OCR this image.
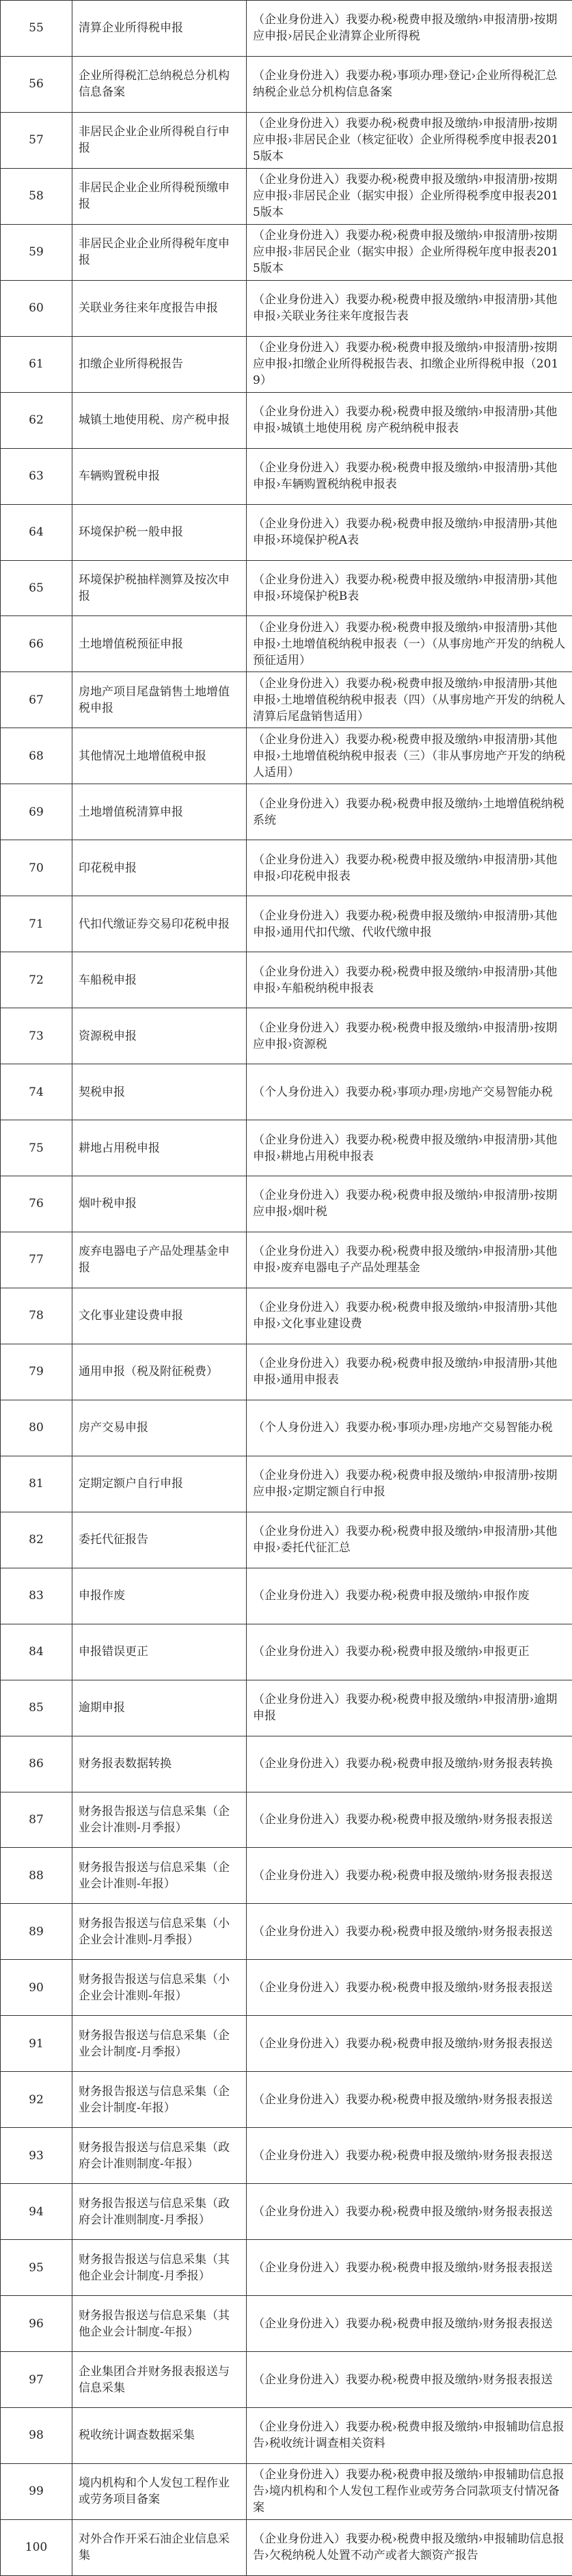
55	清算企业所得税申报	（企业身份进入）我要办税›税费申报及缴纳›申报清册›按期应申报›居民企业清算企业所得税
56	企业所得税汇总纳税总分机构信息备案	（企业身份进入）我要办税›事项办理›登记›企业所得税汇总纳税企业总分机构信息备案
57	非居民企业企业所得税自行申报	（企业身份进入）我要办税›税费申报及缴纳›申报清册›按期应申报›非居民企业（核定征收）企业所得税季度申报表2015版本
58	非居民企业企业所得税预缴申报	（企业身份进入）我要办税›税费申报及缴纳›申报清册›按期应申报›非居民企业（据实申报）企业所得税季度申报表2015版本
59	非居民企业企业所得税年度申报	（企业身份进入）我要办税›税费申报及缴纳›申报清册›按期应申报›非居民企业（据实申报）企业所得税年度申报表2015版本
60	关联业务往来年度报告申报	（企业身份进入）我要办税›税费申报及缴纳›申报清册›其他申报›关联业务往来年度报告表
61	扣缴企业所得税报告	（企业身份进入）我要办税›税费申报及缴纳›申报清册›按期应申报›扣缴企业所得税报告表、扣缴企业所得税申报（2019）
62	城镇土地使用税、房产税申报	（企业身份进入）我要办税›税费申报及缴纳›申报清册›其他申报›城镇土地使用税 房产税纳税申报表
63	车辆购置税申报	（企业身份进入）我要办税›税费申报及缴纳›申报清册›其他申报›车辆购置税纳税申报表
64	环境保护税一般申报	（企业身份进入）我要办税›税费申报及缴纳›申报清册›其他申报›环境保护税A表
65	环境保护税抽样测算及按次申报	（企业身份进入）我要办税›税费申报及缴纳›申报清册›其他申报›环境保护税B表
66	土地增值税预征申报	（企业身份进入）我要办税›税费申报及缴纳›申报清册›其他申报›土地增值税纳税申报表（一）（从事房地产开发的纳税人预征适用）
67	房地产项目尾盘销售土地增值税申报	（企业身份进入）我要办税›税费申报及缴纳›申报清册›其他申报›土地增值税纳税申报表（四）（从事房地产开发的纳税人清算后尾盘销售适用）
68	其他情况土地增值税申报	（企业身份进入）我要办税›税费申报及缴纳›申报清册›其他申报›土地增值税纳税申报表（三）（非从事房地产开发的纳税人适用）
69	土地增值税清算申报	（企业身份进入）我要办税›税费申报及缴纳›土地增值税纳税系统
70	印花税申报	（企业身份进入）我要办税›税费申报及缴纳›申报清册›其他申报›印花税申报表
71	代扣代缴证券交易印花税申报	（企业身份进入）我要办税›税费申报及缴纳›申报清册›其他申报›通用代扣代缴、代收代缴申报
72	车船税申报	（企业身份进入）我要办税›税费申报及缴纳›申报清册›其他申报›车船税纳税申报表
73	资源税申报	（企业身份进入）我要办税›税费申报及缴纳›申报清册›按期应申报›资源税
74	契税申报	（个人身份进入）我要办税›事项办理›房地产交易智能办税
75	耕地占用税申报	（企业身份进入）我要办税›税费申报及缴纳›申报清册›其他申报›耕地占用税申报表
76	烟叶税申报	（企业身份进入）我要办税›税费申报及缴纳›申报清册›按期应申报›烟叶税
77	废弃电器电子产品处理基金申报	（企业身份进入）我要办税›税费申报及缴纳›申报清册›其他申报›废弃电器电子产品处理基金
78	文化事业建设费申报	（企业身份进入）我要办税›税费申报及缴纳›申报清册›其他申报›文化事业建设费
79	通用申报（税及附征税费）	（企业身份进入）我要办税›税费申报及缴纳›申报清册›其他申报›通用申报表
80	房产交易申报	（个人身份进入）我要办税›事项办理›房地产交易智能办税
81	定期定额户自行申报	（企业身份进入）我要办税›税费申报及缴纳›申报清册›按期应申报›定期定额自行申报
82	委托代征报告	（企业身份进入）我要办税›税费申报及缴纳›申报清册›其他申报›委托代征汇总
83	申报作废	（企业身份进入）我要办税›税费申报及缴纳›申报作废
84	申报错误更正	（企业身份进入）我要办税›税费申报及缴纳›申报更正
85	逾期申报	（企业身份进入）我要办税›税费申报及缴纳›申报清册›逾期申报
86	财务报表数据转换	（企业身份进入）我要办税›税费申报及缴纳›财务报表转换
87	财务报告报送与信息采集（企业会计准则-月季报）	（企业身份进入）我要办税›税费申报及缴纳›财务报表报送
88	财务报告报送与信息采集（企业会计准则-年报）	（企业身份进入）我要办税›税费申报及缴纳›财务报表报送
89	财务报告报送与信息采集（小企业会计准则-月季报）	（企业身份进入）我要办税›税费申报及缴纳›财务报表报送
90	财务报告报送与信息采集（小企业会计准则-年报）	（企业身份进入）我要办税›税费申报及缴纳›财务报表报送
91	财务报告报送与信息采集（企业会计制度-月季报）	（企业身份进入）我要办税›税费申报及缴纳›财务报表报送
92	财务报告报送与信息采集（企业会计制度-年报）	（企业身份进入）我要办税›税费申报及缴纳›财务报表报送
93	财务报告报送与信息采集（政府会计准则制度-年报）	（企业身份进入）我要办税›税费申报及缴纳›财务报表报送
94	财务报告报送与信息采集（政府会计准则制度-月季报）	（企业身份进入）我要办税›税费申报及缴纳›财务报表报送
95	财务报告报送与信息采集（其他企业会计制度-月季报）	（企业身份进入）我要办税›税费申报及缴纳›财务报表报送
96	财务报告报送与信息采集（其他企业会计制度-年报）	（企业身份进入）我要办税›税费申报及缴纳›财务报表报送
97	企业集团合并财务报表报送与信息采集	（企业身份进入）我要办税›税费申报及缴纳›财务报表报送
98	税收统计调查数据采集	（企业身份进入）我要办税›税费申报及缴纳›申报辅助信息报告›税收统计调查相关资料
99	境内机构和个人发包工程作业或劳务项目备案	（企业身份进入）我要办税›税费申报及缴纳›申报辅助信息报告›境内机构和个人发包工程作业或劳务合同款项支付情况备案
100	对外合作开采石油企业信息采集	（企业身份进入）我要办税›税费申报及缴纳›申报辅助信息报告›欠税纳税人处置不动产或者大额资产报告
